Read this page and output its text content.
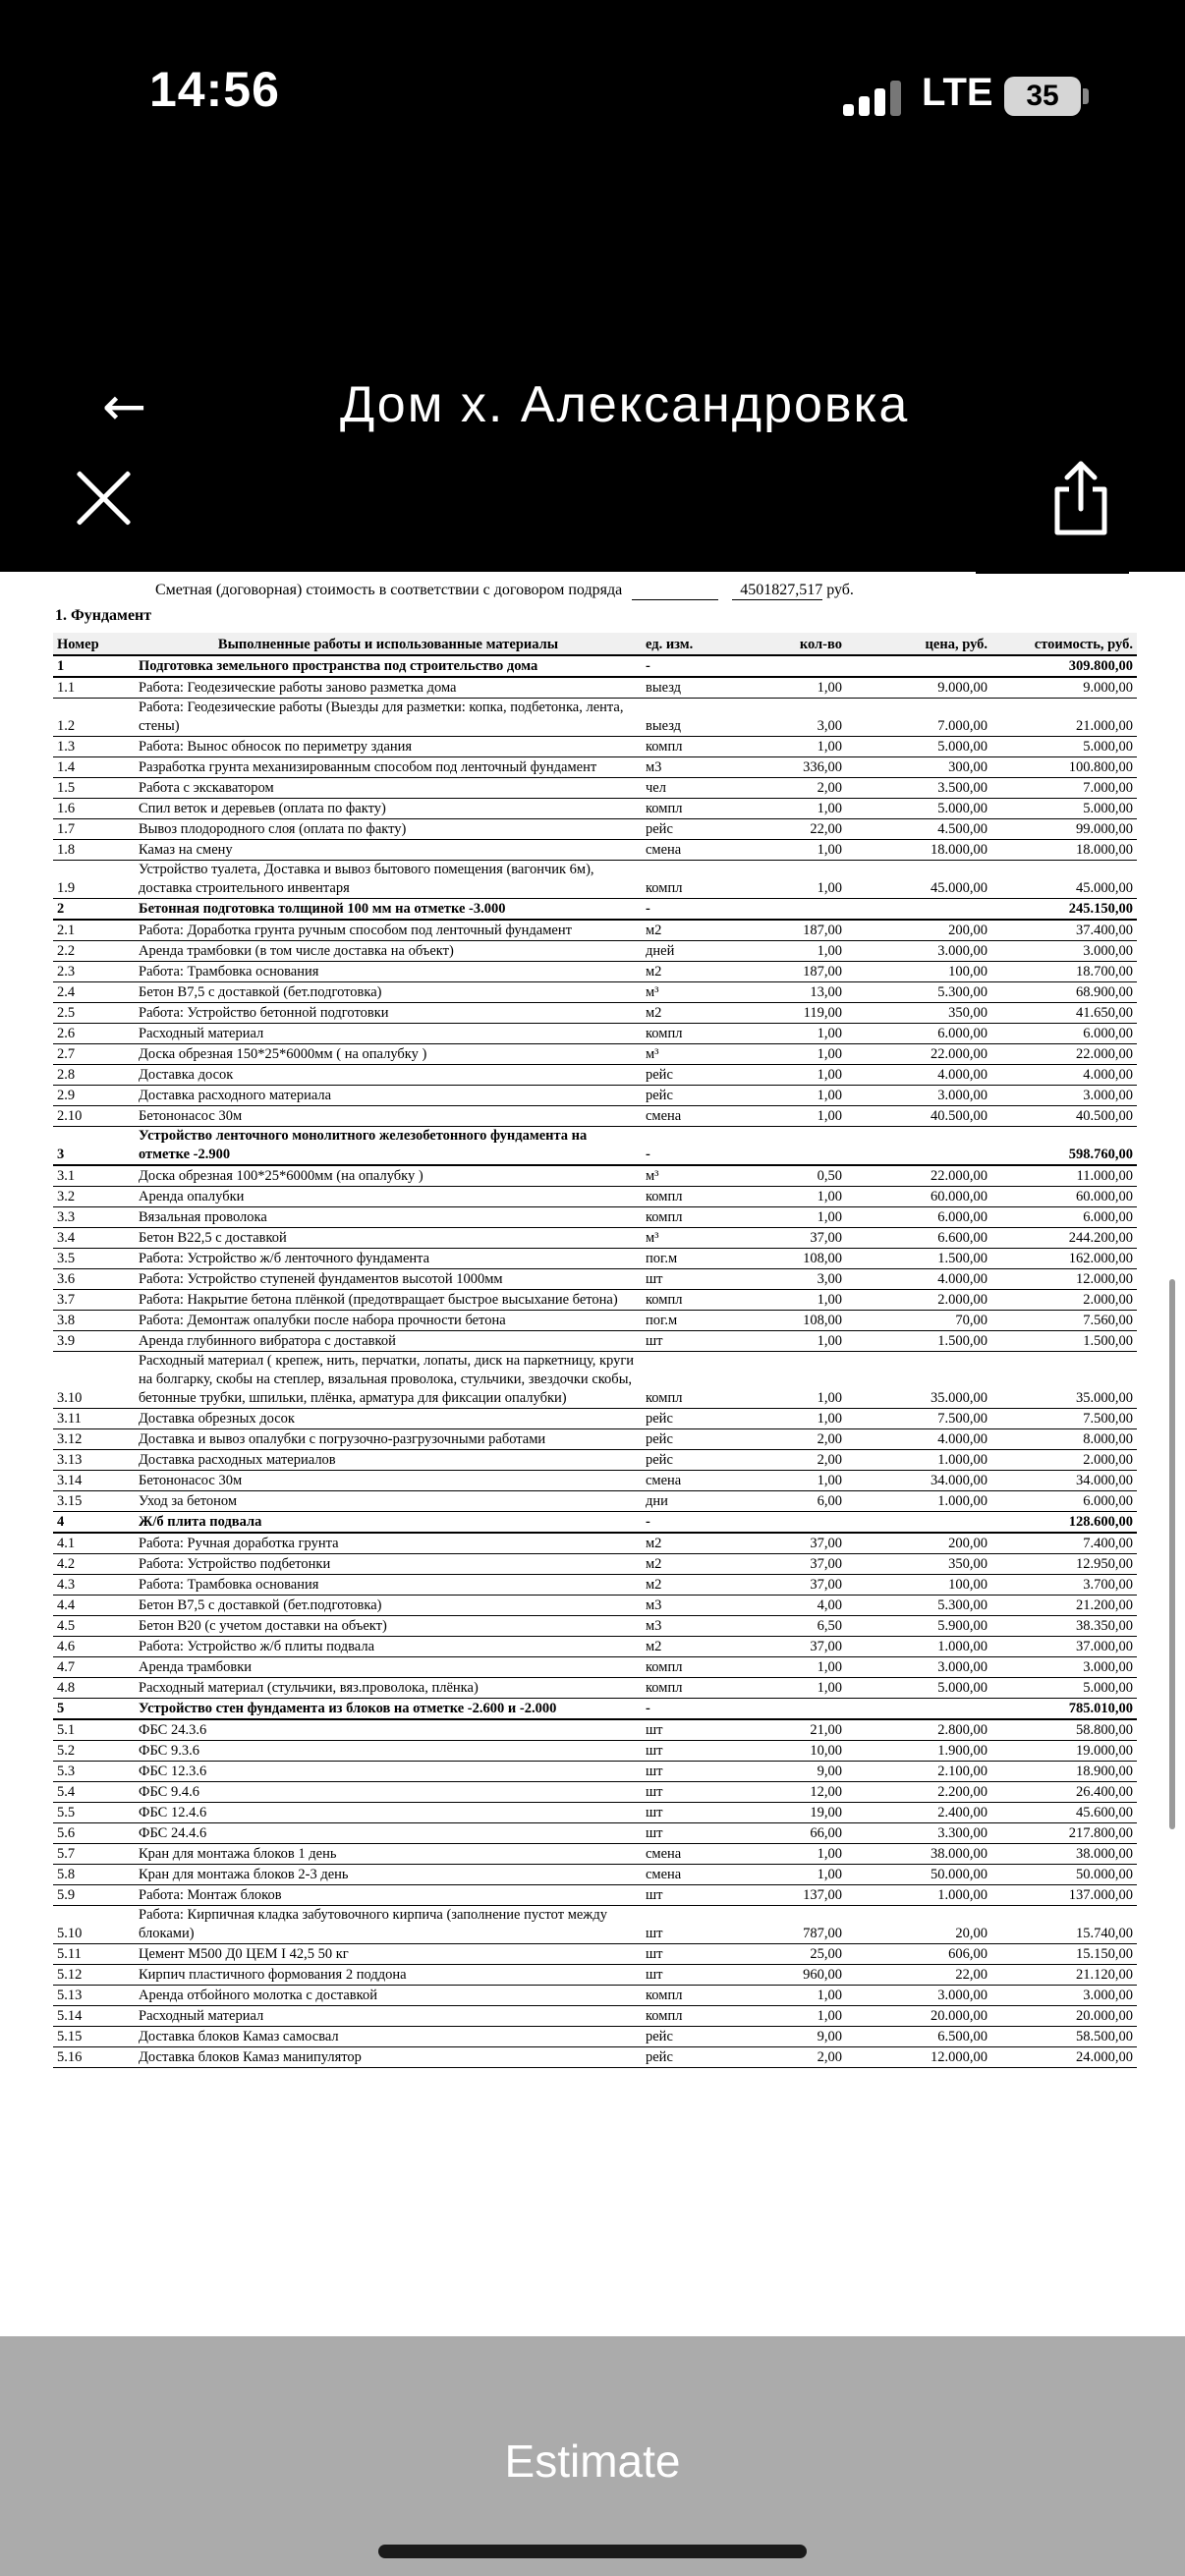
14:56	LTE	35
←	Дом х. Александровка
Сметная (договорная) стоимость в соответствии с договором подряда	4501827,517 руб.
1. Фундамент
Номер	Выполненные работы и использованные материалы	ед. изм.	кол-во	цена, руб.	стоимость, руб.
1	Подготовка земельного пространства под строительство дома	-			309.800,00
1.1	Работа: Геодезические работы заново разметка дома	выезд	1,00	9.000,00	9.000,00
1.2	Работа: Геодезические работы (Выезды для разметки: копка, подбетонка, лента, стены)	выезд	3,00	7.000,00	21.000,00
1.3	Работа: Вынос обносок по периметру здания	компл	1,00	5.000,00	5.000,00
1.4	Разработка грунта механизированным способом под ленточный фундамент	м3	336,00	300,00	100.800,00
1.5	Работа с экскаватором	чел	2,00	3.500,00	7.000,00
1.6	Спил веток и деревьев (оплата по факту)	компл	1,00	5.000,00	5.000,00
1.7	Вывоз плодородного слоя (оплата по факту)	рейс	22,00	4.500,00	99.000,00
1.8	Камаз на смену	смена	1,00	18.000,00	18.000,00
1.9	Устройство туалета, Доставка и вывоз бытового помещения (вагончик 6м), доставка строительного инвентаря	компл	1,00	45.000,00	45.000,00
2	Бетонная подготовка толщиной 100 мм на отметке -3.000	-			245.150,00
2.1	Работа: Доработка грунта ручным способом под ленточный фундамент	м2	187,00	200,00	37.400,00
2.2	Аренда трамбовки (в том числе доставка на объект)	дней	1,00	3.000,00	3.000,00
2.3	Работа: Трамбовка основания	м2	187,00	100,00	18.700,00
2.4	Бетон В7,5 с доставкой (бет.подготовка)	м³	13,00	5.300,00	68.900,00
2.5	Работа: Устройство бетонной подготовки	м2	119,00	350,00	41.650,00
2.6	Расходный материал	компл	1,00	6.000,00	6.000,00
2.7	Доска обрезная 150*25*6000мм ( на опалубку )	м³	1,00	22.000,00	22.000,00
2.8	Доставка досок	рейс	1,00	4.000,00	4.000,00
2.9	Доставка расходного материала	рейс	1,00	3.000,00	3.000,00
2.10	Бетононасос 30м	смена	1,00	40.500,00	40.500,00
3	Устройство ленточного монолитного железобетонного фундамента на отметке -2.900	-			598.760,00
3.1	Доска обрезная 100*25*6000мм (на опалубку )	м³	0,50	22.000,00	11.000,00
3.2	Аренда опалубки	компл	1,00	60.000,00	60.000,00
3.3	Вязальная проволока	компл	1,00	6.000,00	6.000,00
3.4	Бетон В22,5 с доставкой	м³	37,00	6.600,00	244.200,00
3.5	Работа: Устройство ж/б ленточного фундамента	пог.м	108,00	1.500,00	162.000,00
3.6	Работа: Устройство ступеней фундаментов высотой 1000мм	шт	3,00	4.000,00	12.000,00
3.7	Работа: Накрытие бетона плёнкой (предотвращает быстрое высыхание бетона)	компл	1,00	2.000,00	2.000,00
3.8	Работа: Демонтаж опалубки после набора прочности бетона	пог.м	108,00	70,00	7.560,00
3.9	Аренда глубинного вибратора с доставкой	шт	1,00	1.500,00	1.500,00
3.10	Расходный материал ( крепеж, нить, перчатки, лопаты, диск на паркетницу, круги на болгарку, скобы на степлер, вязальная проволока, стульчики, звездочки скобы, бетонные трубки, шпильки, плёнка, арматура для фиксации опалубки)	компл	1,00	35.000,00	35.000,00
3.11	Доставка обрезных досок	рейс	1,00	7.500,00	7.500,00
3.12	Доставка и вывоз опалубки с погрузочно-разгрузочными работами	рейс	2,00	4.000,00	8.000,00
3.13	Доставка расходных материалов	рейс	2,00	1.000,00	2.000,00
3.14	Бетононасос 30м	смена	1,00	34.000,00	34.000,00
3.15	Уход за бетоном	дни	6,00	1.000,00	6.000,00
4	Ж/б плита подвала	-			128.600,00
4.1	Работа: Ручная доработка грунта	м2	37,00	200,00	7.400,00
4.2	Работа: Устройство подбетонки	м2	37,00	350,00	12.950,00
4.3	Работа: Трамбовка основания	м2	37,00	100,00	3.700,00
4.4	Бетон В7,5 с доставкой (бет.подготовка)	м3	4,00	5.300,00	21.200,00
4.5	Бетон В20 (с учетом доставки на объект)	м3	6,50	5.900,00	38.350,00
4.6	Работа: Устройство ж/б плиты подвала	м2	37,00	1.000,00	37.000,00
4.7	Аренда трамбовки	компл	1,00	3.000,00	3.000,00
4.8	Расходный материал (стульчики, вяз.проволока, плёнка)	компл	1,00	5.000,00	5.000,00
5	Устройство стен фундамента из блоков на отметке -2.600 и -2.000	-			785.010,00
5.1	ФБС 24.3.6	шт	21,00	2.800,00	58.800,00
5.2	ФБС 9.3.6	шт	10,00	1.900,00	19.000,00
5.3	ФБС 12.3.6	шт	9,00	2.100,00	18.900,00
5.4	ФБС 9.4.6	шт	12,00	2.200,00	26.400,00
5.5	ФБС 12.4.6	шт	19,00	2.400,00	45.600,00
5.6	ФБС 24.4.6	шт	66,00	3.300,00	217.800,00
5.7	Кран для монтажа блоков 1 день	смена	1,00	38.000,00	38.000,00
5.8	Кран для монтажа блоков 2-3 день	смена	1,00	50.000,00	50.000,00
5.9	Работа: Монтаж блоков	шт	137,00	1.000,00	137.000,00
5.10	Работа: Кирпичная кладка забутовочного кирпича (заполнение пустот между блоками)	шт	787,00	20,00	15.740,00
5.11	Цемент М500 Д0 ЦЕМ I 42,5 50 кг	шт	25,00	606,00	15.150,00
5.12	Кирпич пластичного формования 2 поддона	шт	960,00	22,00	21.120,00
5.13	Аренда отбойного молотка с доставкой	компл	1,00	3.000,00	3.000,00
5.14	Расходный материал	компл	1,00	20.000,00	20.000,00
5.15	Доставка блоков Камаз самосвал	рейс	9,00	6.500,00	58.500,00
5.16	Доставка блоков Камаз манипулятор	рейс	2,00	12.000,00	24.000,00
Estimate
